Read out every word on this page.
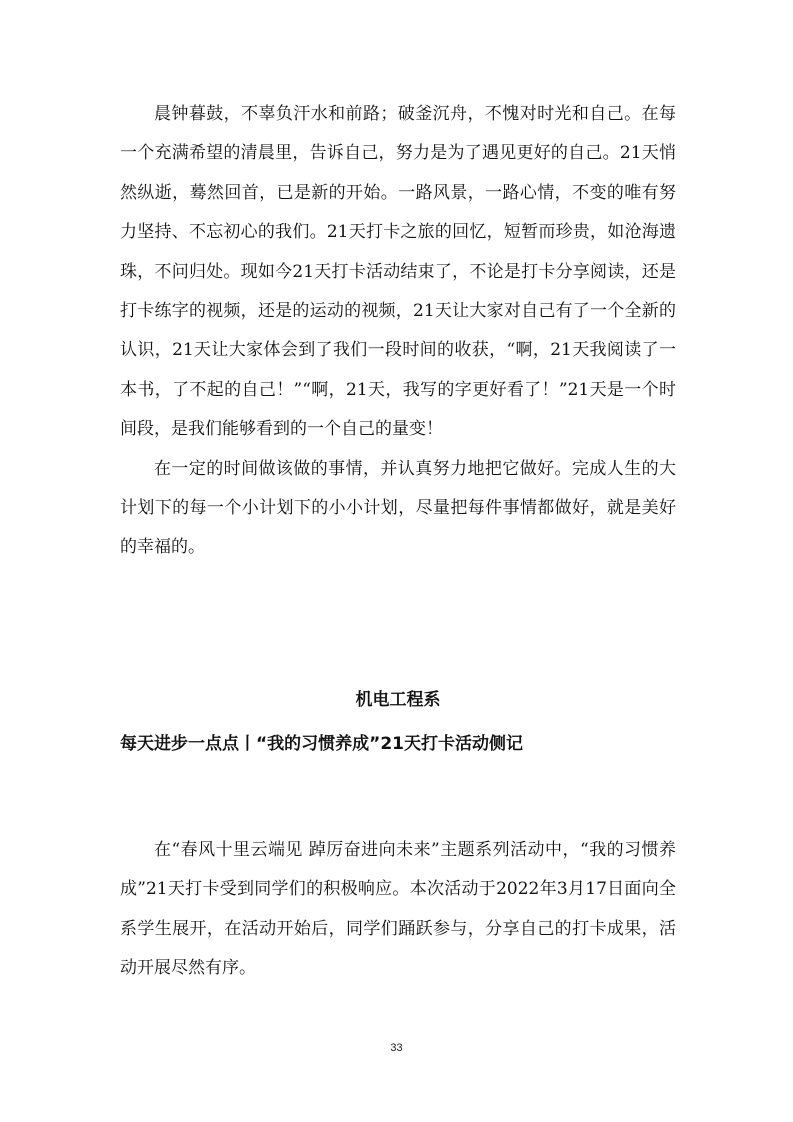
晨钟暮鼓，不辜负汗水和前路；破釜沉舟，不愧对时光和自己。在每一个充满希望的清晨里，告诉自己，努力是为了遇见更好的自己。21天悄然纵逝，蓦然回首，已是新的开始。一路风景，一路心情，不变的唯有努力坚持、不忘初心的我们。21天打卡之旅的回忆，短暂而珍贵，如沧海遗珠，不问归处。现如今21天打卡活动结束了，不论是打卡分享阅读，还是打卡练字的视频，还是的运动的视频，21天让大家对自己有了一个全新的认识，21天让大家体会到了我们一段时间的收获，“啊，21天我阅读了一本书，了不起的自己！”“啊，21天，我写的字更好看了！”21天是一个时间段，是我们能够看到的一个自己的量变！

在一定的时间做该做的事情，并认真努力地把它做好。完成人生的大计划下的每一个小计划下的小小计划，尽量把每件事情都做好，就是美好的幸福的。

机电工程系
每天进步一点点丨“我的习惯养成”21天打卡活动侧记

在“春风十里云端见 踔厉奋进向未来”主题系列活动中，“我的习惯养成”21天打卡受到同学们的积极响应。本次活动于2022年3月17日面向全系学生展开，在活动开始后，同学们踊跃参与，分享自己的打卡成果，活动开展尽然有序。

33
